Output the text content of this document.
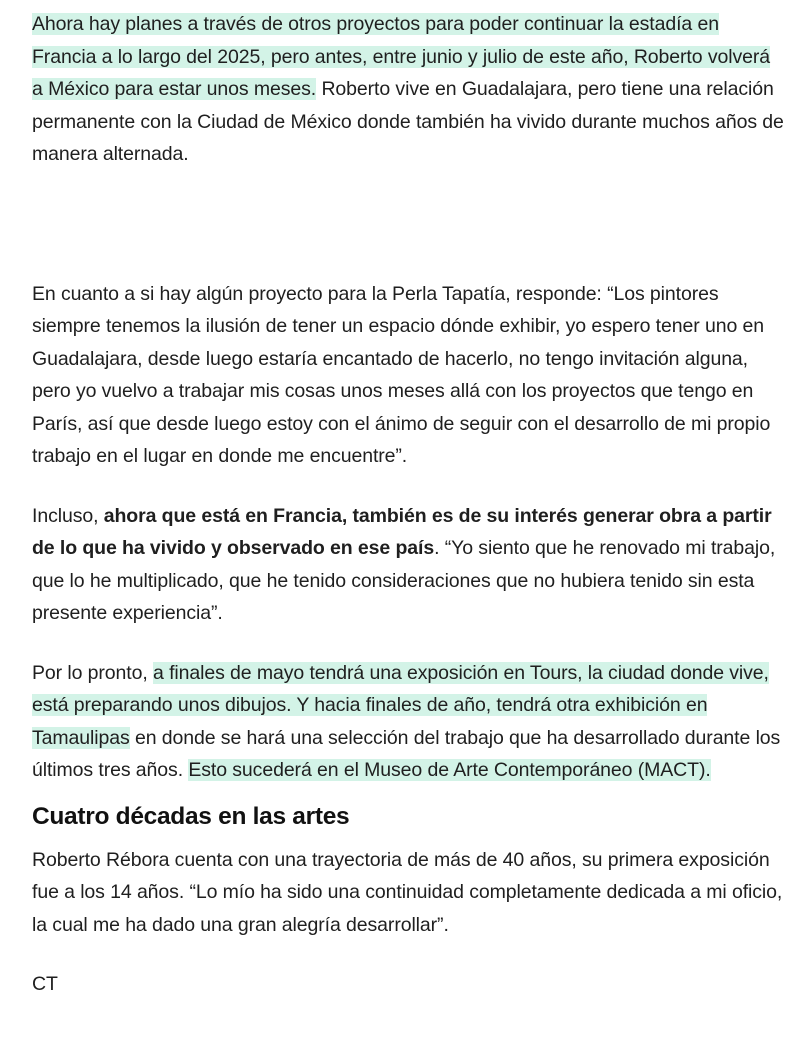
Ahora hay planes a través de otros proyectos para poder continuar la estadía en Francia a lo largo del 2025, pero antes, entre junio y julio de este año, Roberto volverá a México para estar unos meses. Roberto vive en Guadalajara, pero tiene una relación permanente con la Ciudad de México donde también ha vivido durante muchos años de manera alternada.

En cuanto a si hay algún proyecto para la Perla Tapatía, responde: “Los pintores siempre tenemos la ilusión de tener un espacio dónde exhibir, yo espero tener uno en Guadalajara, desde luego estaría encantado de hacerlo, no tengo invitación alguna, pero yo vuelvo a trabajar mis cosas unos meses allá con los proyectos que tengo en París, así que desde luego estoy con el ánimo de seguir con el desarrollo de mi propio trabajo en el lugar en donde me encuentre”.

Incluso, ahora que está en Francia, también es de su interés generar obra a partir de lo que ha vivido y observado en ese país. “Yo siento que he renovado mi trabajo, que lo he multiplicado, que he tenido consideraciones que no hubiera tenido sin esta presente experiencia”.

Por lo pronto, a finales de mayo tendrá una exposición en Tours, la ciudad donde vive, está preparando unos dibujos. Y hacia finales de año, tendrá otra exhibición en Tamaulipas en donde se hará una selección del trabajo que ha desarrollado durante los últimos tres años. Esto sucederá en el Museo de Arte Contemporáneo (MACT).

Cuatro décadas en las artes

Roberto Rébora cuenta con una trayectoria de más de 40 años, su primera exposición fue a los 14 años. “Lo mío ha sido una continuidad completamente dedicada a mi oficio, la cual me ha dado una gran alegría desarrollar”.

CT
